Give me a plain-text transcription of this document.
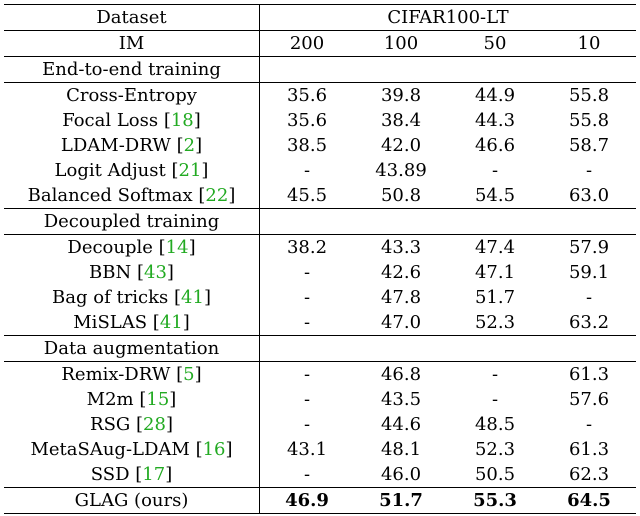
Dataset	CIFAR100-LT			
IM	200	100	50	10
End-to-end training				
Cross-Entropy	35.6	39.8	44.9	55.8
Focal Loss [18]	35.6	38.4	44.3	55.8
LDAM-DRW [2]	38.5	42.0	46.6	58.7
Logit Adjust [21]	-	43.89	-	-
Balanced Softmax [22]	45.5	50.8	54.5	63.0
Decoupled training				
Decouple [14]	38.2	43.3	47.4	57.9
BBN [43]	-	42.6	47.1	59.1
Bag of tricks [41]	-	47.8	51.7	-
MiSLAS [41]	-	47.0	52.3	63.2
Data augmentation				
Remix-DRW [5]	-	46.8	-	61.3
M2m [15]	-	43.5	-	57.6
RSG [28]	-	44.6	48.5	-
MetaSAug-LDAM [16]	43.1	48.1	52.3	61.3
SSD [17]	-	46.0	50.5	62.3
GLAG (ours)	46.9	51.7	55.3	64.5
